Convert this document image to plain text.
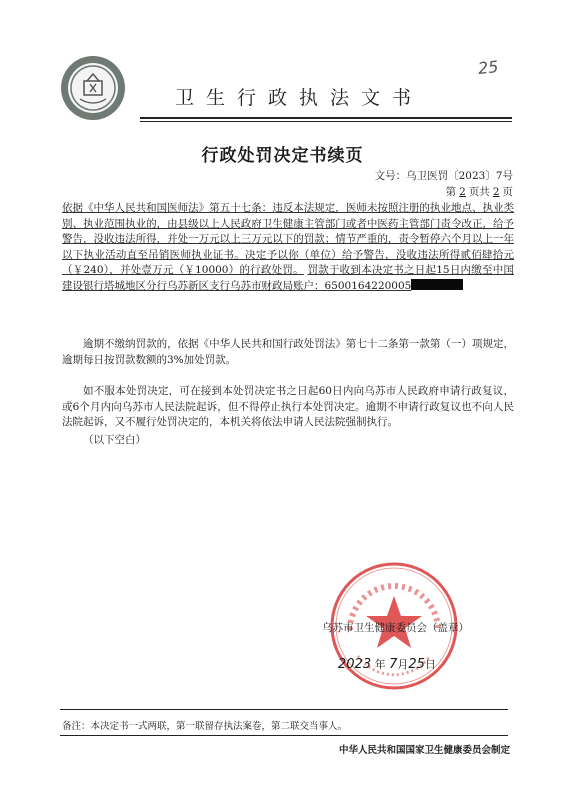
25
卫生行政执法文书
行政处罚决定书续页
文号：乌卫医罚〔2023〕7号
第 2 页共 2 页
依据《中华人民共和国医师法》第五十七条：违反本法规定，医师未按照注册的执业地点、执业类别、执业范围执业的，由县级以上人民政府卫生健康主管部门或者中医药主管部门责令改正，给予警告，没收违法所得，并处一万元以上三万元以下的罚款；情节严重的，责令暂停六个月以上一年以下执业活动直至吊销医师执业证书。决定予以你（单位）给予警告，没收违法所得贰佰肆拾元（￥240），并处壹万元（￥10000）的行政处罚。 罚款于收到本决定书之日起15日内缴至中国建设银行塔城地区分行乌苏新区支行乌苏市财政局账户：6500164220005
逾期不缴纳罚款的，依据《中华人民共和国行政处罚法》第七十二条第一款第（一）项规定，逾期每日按罚款数额的3%加处罚款。
如不服本处罚决定，可在接到本处罚决定书之日起60日内向乌苏市人民政府申请行政复议，或6个月内向乌苏市人民法院起诉，但不得停止执行本处罚决定。逾期不申请行政复议也不向人民法院起诉，又不履行处罚决定的，本机关将依法申请人民法院强制执行。
（以下空白）
乌苏市卫生健康委员会（盖章）
2023 年 7月25日
备注：本决定书一式两联，第一联留存执法案卷，第二联交当事人。
中华人民共和国国家卫生健康委员会制定
